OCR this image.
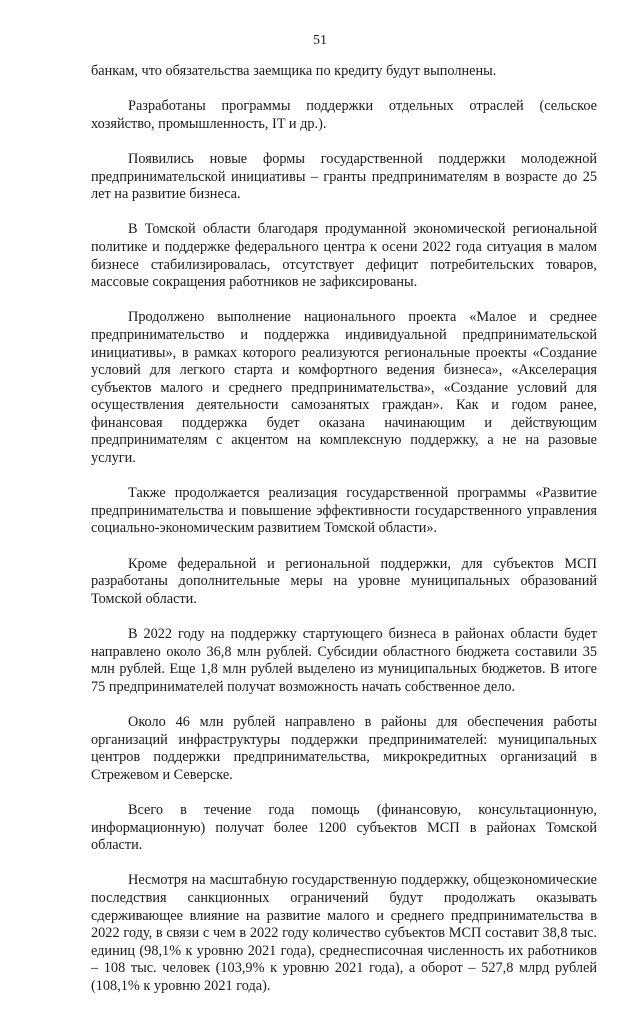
51

банкам, что обязательства заемщика по кредиту будут выполнены.

Разработаны программы поддержки отдельных отраслей (сельское хозяйство, промышленность, IT и др.).

Появились новые формы государственной поддержки молодежной предпринимательской инициативы – гранты предпринимателям в возрасте до 25 лет на развитие бизнеса.

В Томской области благодаря продуманной экономической региональной политике и поддержке федерального центра к осени 2022 года ситуация в малом бизнесе стабилизировалась, отсутствует дефицит потребительских товаров, массовые сокращения работников не зафиксированы.

Продолжено выполнение национального проекта «Малое и среднее предпринимательство и поддержка индивидуальной предпринимательской инициативы», в рамках которого реализуются региональные проекты «Создание условий для легкого старта и комфортного ведения бизнеса», «Акселерация субъектов малого и среднего предпринимательства», «Создание условий для осуществления деятельности самозанятых граждан». Как и годом ранее, финансовая поддержка будет оказана начинающим и действующим предпринимателям с акцентом на комплексную поддержку, а не на разовые услуги.

Также продолжается реализация государственной программы «Развитие предпринимательства и повышение эффективности государственного управления социально-экономическим развитием Томской области».

Кроме федеральной и региональной поддержки, для субъектов МСП разработаны дополнительные меры на уровне муниципальных образований Томской области.

В 2022 году на поддержку стартующего бизнеса в районах области будет направлено около 36,8 млн рублей. Субсидии областного бюджета составили 35 млн рублей. Еще 1,8 млн рублей выделено из муниципальных бюджетов. В итоге 75 предпринимателей получат возможность начать собственное дело.

Около 46 млн рублей направлено в районы для обеспечения работы организаций инфраструктуры поддержки предпринимателей: муниципальных центров поддержки предпринимательства, микрокредитных организаций в Стрежевом и Северске.

Всего в течение года помощь (финансовую, консультационную, информационную) получат более 1200 субъектов МСП в районах Томской области.

Несмотря на масштабную государственную поддержку, общеэкономические последствия санкционных ограничений будут продолжать оказывать сдерживающее влияние на развитие малого и среднего предпринимательства в 2022 году, в связи с чем в 2022 году количество субъектов МСП составит 38,8 тыс. единиц (98,1% к уровню 2021 года), среднесписочная численность их работников – 108 тыс. человек (103,9% к уровню 2021 года), а оборот – 527,8 млрд рублей (108,1% к уровню 2021 года).
